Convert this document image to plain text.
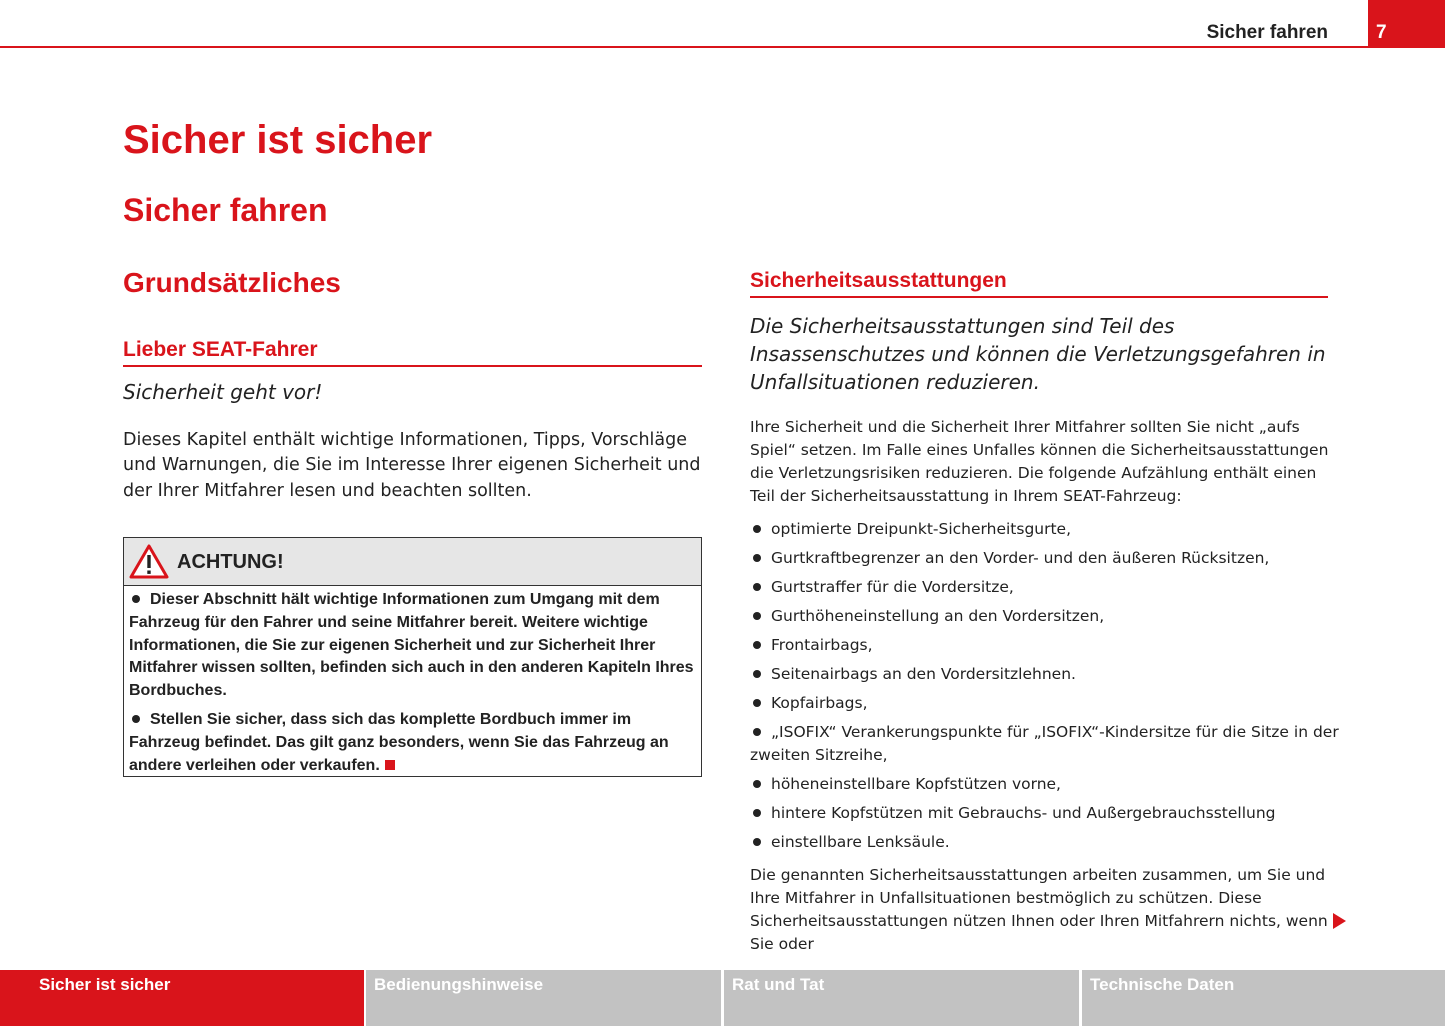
Sicher fahren	7
Sicher ist sicher
Sicher fahren
Grundsätzliches
Lieber SEAT-Fahrer

Sicherheit geht vor!

Dieses Kapitel enthält wichtige Informationen, Tipps, Vorschläge und Warnungen, die Sie im Interesse Ihrer eigenen Sicherheit und der Ihrer Mitfahrer lesen und beachten sollten.

ACHTUNG!

Dieser Abschnitt hält wichtige Informationen zum Umgang mit dem Fahrzeug für den Fahrer und seine Mitfahrer bereit. Weitere wichtige Informationen, die Sie zur eigenen Sicherheit und zur Sicherheit Ihrer Mitfahrer wissen sollten, befinden sich auch in den anderen Kapiteln Ihres Bordbuches.

Stellen Sie sicher, dass sich das komplette Bordbuch immer im Fahrzeug befindet. Das gilt ganz besonders, wenn Sie das Fahrzeug an andere verleihen oder verkaufen.

Sicherheitsausstattungen

Die Sicherheitsausstattungen sind Teil des Insassenschutzes und können die Verletzungsgefahren in Unfallsituationen reduzieren.

Ihre Sicherheit und die Sicherheit Ihrer Mitfahrer sollten Sie nicht „aufs Spiel“ setzen. Im Falle eines Unfalles können die Sicherheitsausstattungen die Verletzungsrisiken reduzieren. Die folgende Aufzählung enthält einen Teil der Sicherheitsausstattung in Ihrem SEAT-Fahrzeug:

optimierte Dreipunkt-Sicherheitsgurte,
Gurtkraftbegrenzer an den Vorder- und den äußeren Rücksitzen,
Gurtstraffer für die Vordersitze,
Gurthöheneinstellung an den Vordersitzen,
Frontairbags,
Seitenairbags an den Vordersitzlehnen.
Kopfairbags,
„ISOFIX“ Verankerungspunkte für „ISOFIX“-Kindersitze für die Sitze in der zweiten Sitzreihe,
höheneinstellbare Kopfstützen vorne,
hintere Kopfstützen mit Gebrauchs- und Außergebrauchsstellung
einstellbare Lenksäule.

Die genannten Sicherheitsausstattungen arbeiten zusammen, um Sie und Ihre Mitfahrer in Unfallsituationen bestmöglich zu schützen. Diese Sicherheitsausstattungen nützen Ihnen oder Ihren Mitfahrern nichts, wenn Sie oder

Sicher ist sicher	Bedienungshinweise	Rat und Tat	Technische Daten
